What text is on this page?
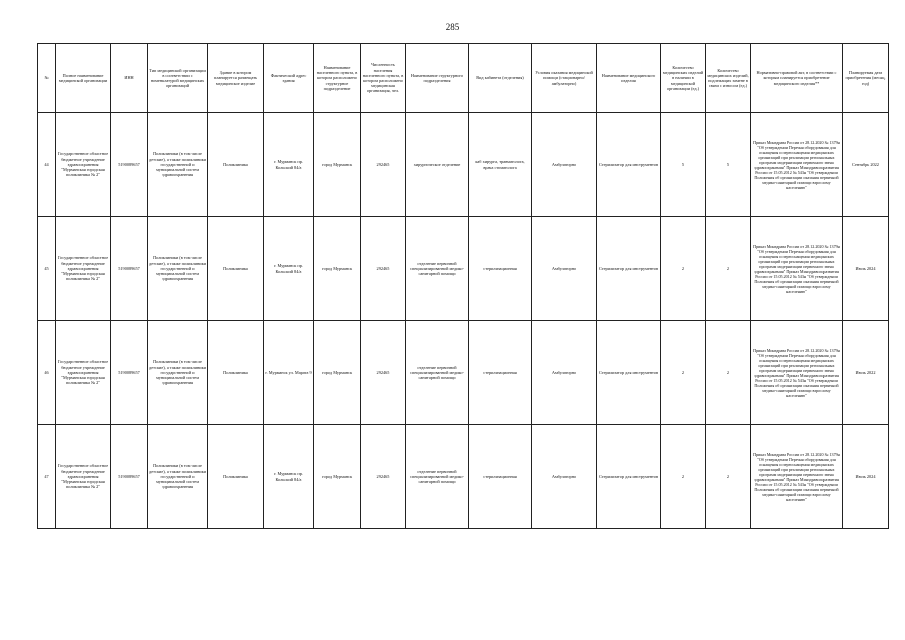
285
№	Полное наименование медицинской организации	ИНН	Тип медицинской организации в соответствии с номенклатурой медицинских организаций	Здание в котором планируется размещать медицинское изделие	Фактический адрес здания	Наименование населенного пункта, в котором расположено структурное подразделение	Численность населения населенного пункта, в котором расположено медицинская организация, чел.	Наименование структурного подразделения	Вид кабинета (отделения)	Условия оказания медицинской помощи (стационарно/амбулаторно)	Наименование медицинского изделия	Количество медицинских изделий в наличии в медицинской организации (ед.)	Количество медицинских изделий, подлежащих замене в связи с износом (ед.)	Нормативно-правовой акт, в соответствии с которым планируется приобретение медицинского изделия**	Планируемая дата приобретения (месяц, год)
44	Государственное областное бюджетное учреждение здравоохранения "Мурманская городская поликлиника № 2"	5190089657	Поликлиники (в том числе детские), а также поликлиники государственной и муниципальной систем здравоохранения	Поликлиника	г. Мурманск пр. Кольский 84/а	город Мурманск	292465	хирургическое отделение	каб хирурга, травматолога, врача стоматолога	Амбулаторно	Стерилизатор для инструментов	5	5	Приказ Минздрава России от 28.12.2020 № 1379н "Об утверждении Перечня оборудования для оснащения и переоснащения медицинских организаций при реализации региональных программ модернизации первичного звена здравоохранения" Приказ Минздравсоцразвития России от 15.05.2012 № 543н "Об утверждении Положения об организации оказания первичной медико-санитарной помощи взрослому населению"	Сентябрь 2022
45	Государственное областное бюджетное учреждение здравоохранения "Мурманская городская поликлиника № 2"	5190089657	Поликлиники (в том числе детские), а также поликлиники государственной и муниципальной систем здравоохранения	Поликлиника	г. Мурманск пр. Кольский 84/а	город Мурманск	292465	отделение первичной специализированной медико-санитарной помощи	стерилизационная	Амбулаторно	Стерилизатор для инструментов	2	2	Приказ Минздрава России от 28.12.2020 № 1379н "Об утверждении Перечня оборудования для оснащения и переоснащения медицинских организаций при реализации региональных программ модернизации первичного звена здравоохранения" Приказ Минздравсоцразвития России от 15.05.2012 № 543н "Об утверждении Положения об организации оказания первичной медико-санитарной помощи взрослому населению"	Июль 2024
46	Государственное областное бюджетное учреждение здравоохранения "Мурманская городская поликлиника № 2"	5190089657	Поликлиники (в том числе детские), а также поликлиники государственной и муниципальной систем здравоохранения	Поликлиника	г. Мурманск ул. Марата 9	город Мурманск	292465	отделение первичной специализированной медико-санитарной помощи	стерилизационная	Амбулаторно	Стерилизатор для инструментов	2	2	Приказ Минздрава России от 28.12.2020 № 1379н "Об утверждении Перечня оборудования для оснащения и переоснащения медицинских организаций при реализации региональных программ модернизации первичного звена здравоохранения" Приказ Минздравсоцразвития России от 15.05.2012 № 543н "Об утверждении Положения об организации оказания первичной медико-санитарной помощи взрослому населению"	Июль 2022
47	Государственное областное бюджетное учреждение здравоохранения "Мурманская городская поликлиника № 2"	5190089657	Поликлиники (в том числе детские), а также поликлиники государственной и муниципальной систем здравоохранения	Поликлиника	г. Мурманск пр. Кольский 84/а	город Мурманск	292465	отделение первичной специализированной медико-санитарной помощи	стерилизационная	Амбулаторно	Стерилизатор для инструментов	2	2	Приказ Минздрава России от 28.12.2020 № 1379н "Об утверждении Перечня оборудования для оснащения и переоснащения медицинских организаций при реализации региональных программ модернизации первичного звена здравоохранения" Приказ Минздравсоцразвития России от 15.05.2012 № 543н "Об утверждении Положения об организации оказания первичной медико-санитарной помощи взрослому населению"	Июль 2024
